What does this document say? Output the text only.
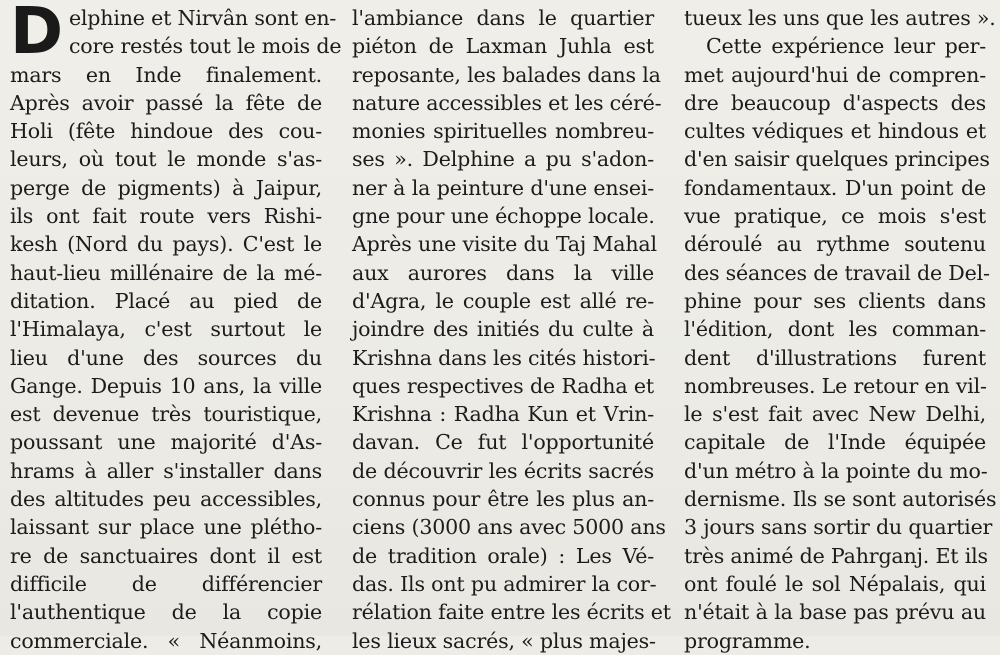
D elphine et Nirvân sont en-
core restés tout le mois de
mars en Inde finalement.
Après avoir passé la fête de
Holi (fête hindoue des cou-
leurs, où tout le monde s'as-
perge de pigments) à Jaipur,
ils ont fait route vers Rishi-
kesh (Nord du pays). C'est le
haut-lieu millénaire de la mé-
ditation. Placé au pied de
l'Himalaya, c'est surtout le
lieu d'une des sources du
Gange. Depuis 10 ans, la ville
est devenue très touristique,
poussant une majorité d'As-
hrams à aller s'installer dans
des altitudes peu accessibles,
laissant sur place une pléthо-
re de sanctuaires dont il est
difficile de différencier
l'authentique de la copie
commerciale. « Néanmoins,
l'ambiance dans le quartier
piéton de Laxman Juhla est
reposante, les balades dans la
nature accessibles et les céré-
monies spirituelles nombreu-
ses ». Delphine a pu s'adon-
ner à la peinture d'une ensei-
gne pour une échoppe locale.
Après une visite du Taj Mahal
aux aurores dans la ville
d'Agra, le couple est allé re-
joindre des initiés du culte à
Krishna dans les cités histori-
ques respectives de Radha et
Krishna : Radha Kun et Vrin-
davan. Ce fut l'opportunité
de découvrir les écrits sacrés
connus pour être les plus an-
ciens (3000 ans avec 5000 ans
de tradition orale) : Les Vé-
das. Ils ont pu admirer la cor-
rélation faite entre les écrits et
les lieux sacrés, « plus majes-
tueux les uns que les autres ».
Cette expérience leur per-
met aujourd'hui de compren-
dre beaucoup d'aspects des
cultes védiques et hindous et
d'en saisir quelques principes
fondamentaux. D'un point de
vue pratique, ce mois s'est
déroulé au rythme soutenu
des séances de travail de Del-
phine pour ses clients dans
l'édition, dont les comman-
dent d'illustrations furent
nombreuses. Le retour en vil-
le s'est fait avec New Delhi,
capitale de l'Inde équipée
d'un métro à la pointe du mo-
dernisme. Ils se sont autorisés
3 jours sans sortir du quartier
très animé de Pahrganj. Et ils
ont foulé le sol Népalais, qui
n'était à la base pas prévu au
programme.
